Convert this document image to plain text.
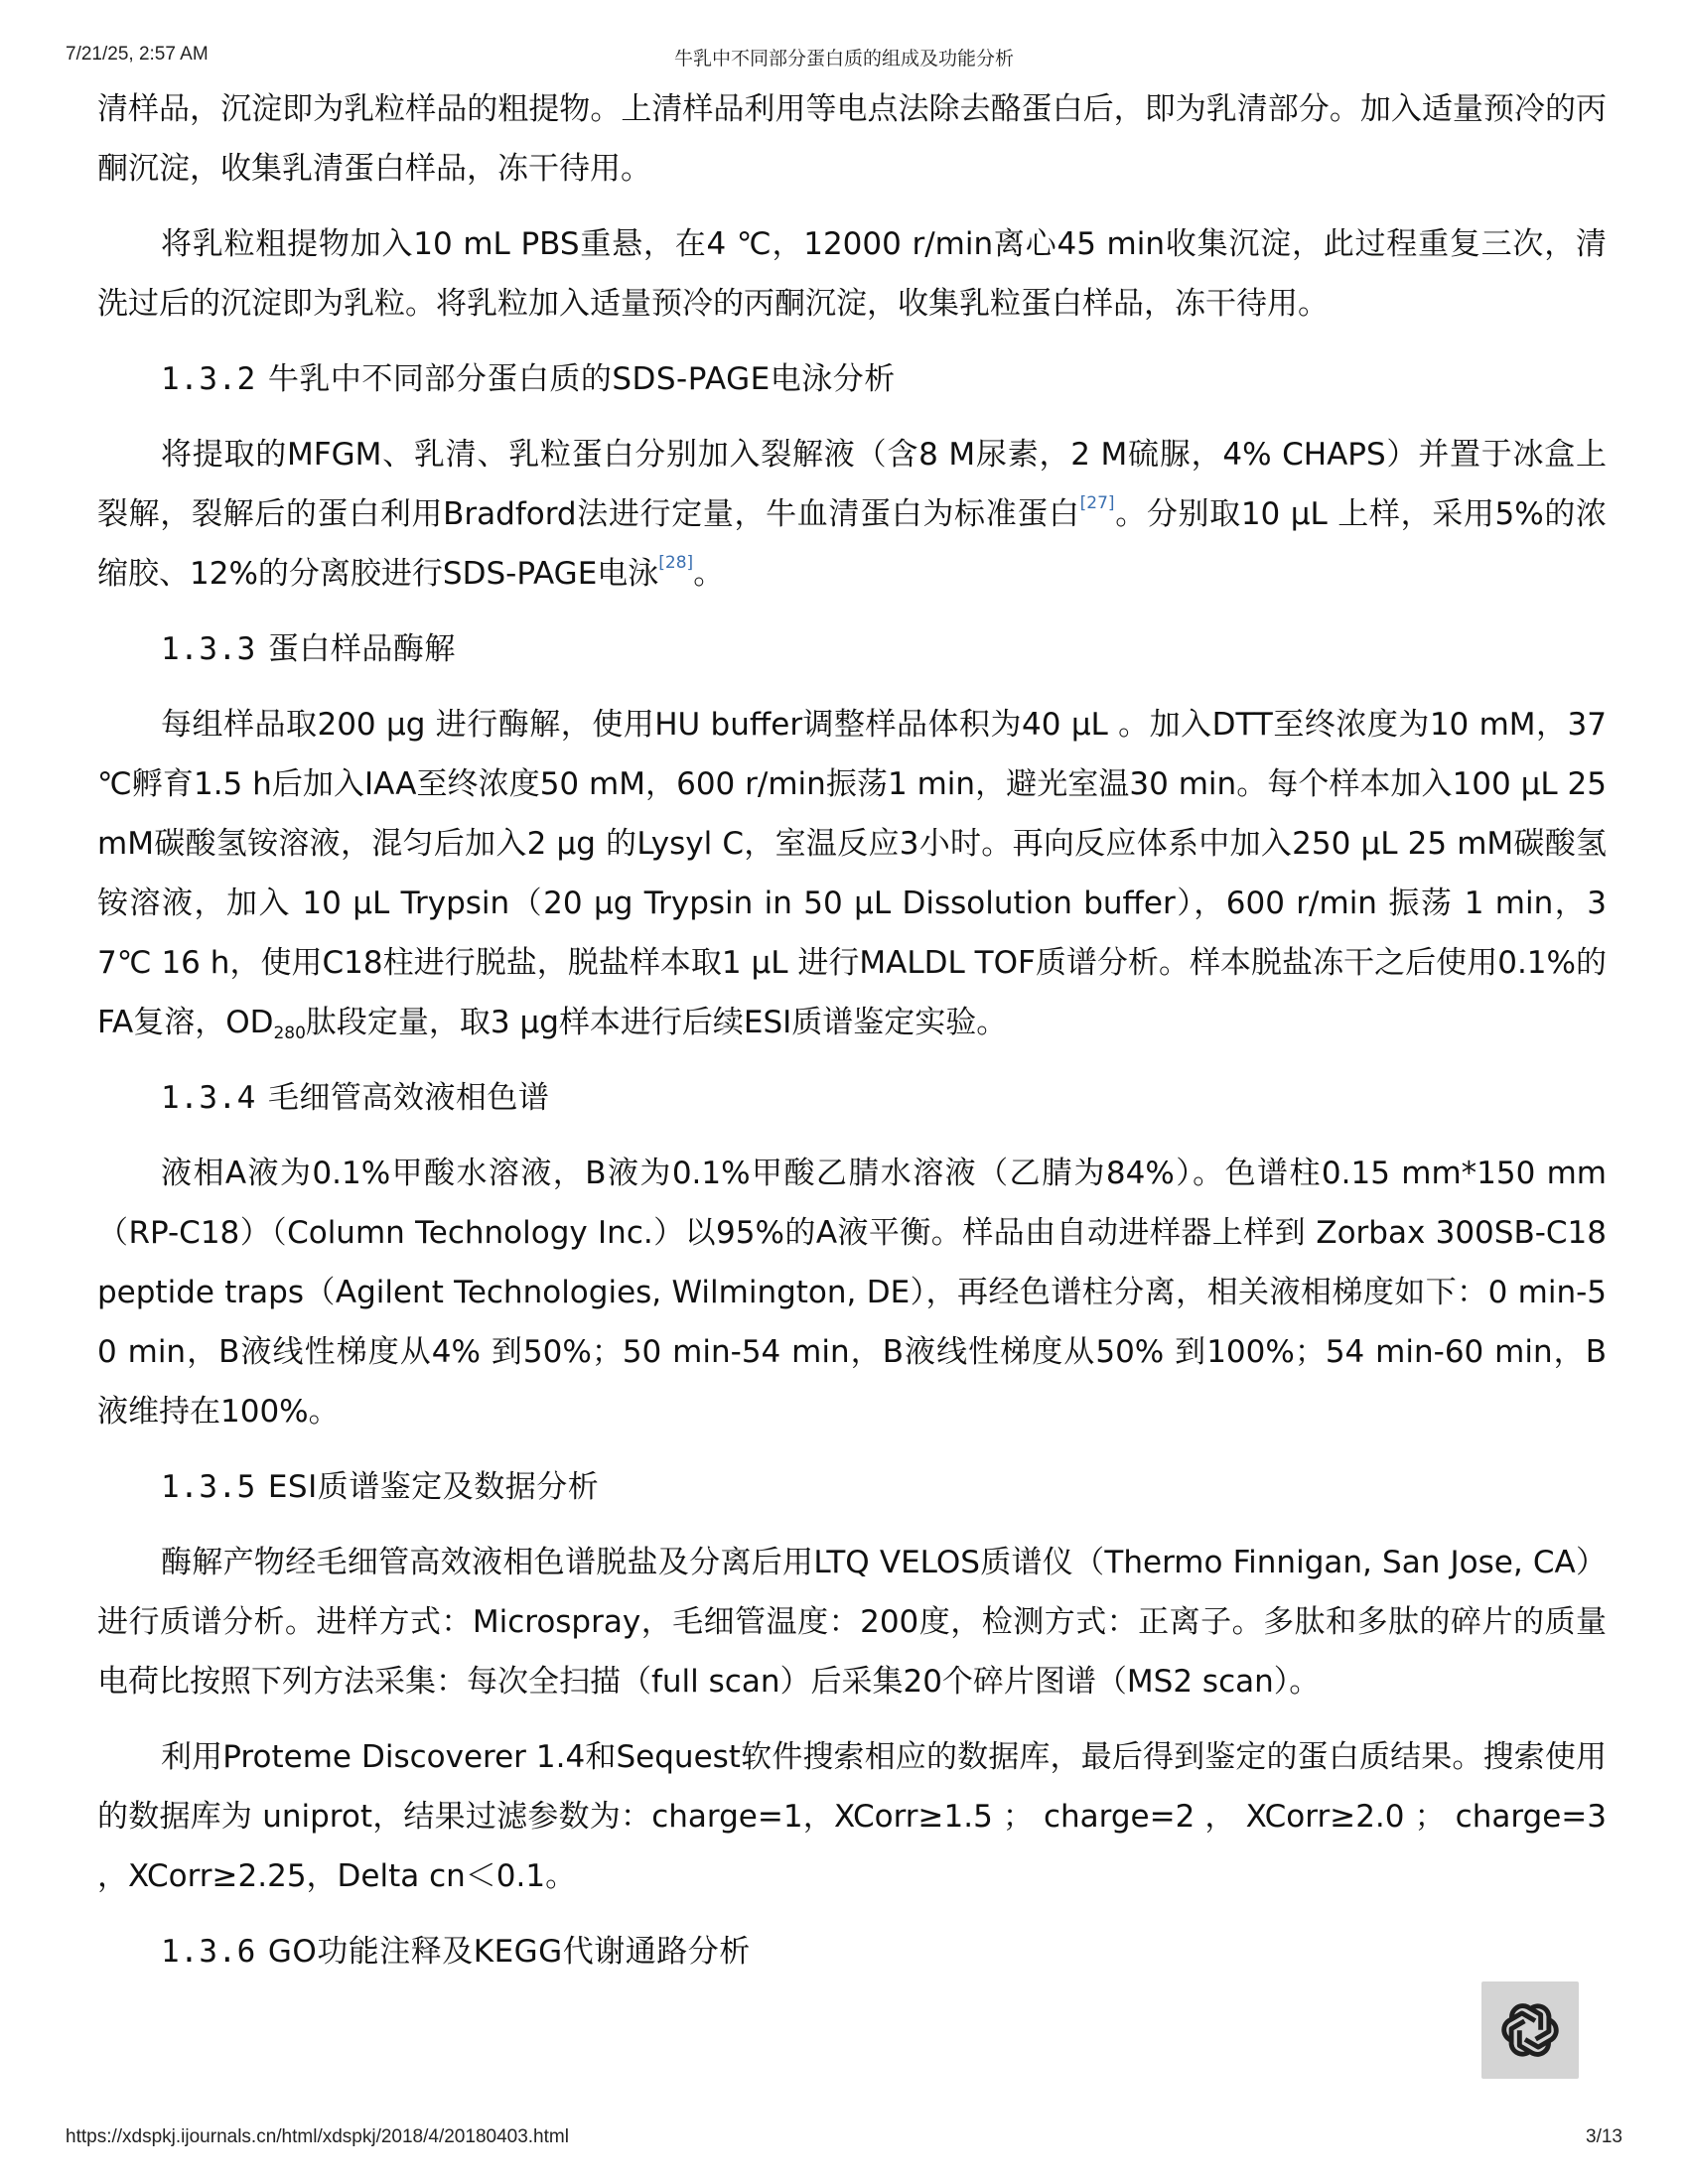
7/21/25, 2:57 AM	牛乳中不同部分蛋白质的组成及功能分析

清样品，沉淀即为乳粒样品的粗提物。上清样品利用等电点法除去酪蛋白后，即为乳清部分。加入适量预冷的丙酮沉淀，收集乳清蛋白样品，冻干待用。

将乳粒粗提物加入10 mL PBS重悬，在4 ℃，12000 r/min离心45 min收集沉淀，此过程重复三次，清洗过后的沉淀即为乳粒。将乳粒加入适量预冷的丙酮沉淀，收集乳粒蛋白样品，冻干待用。

1.3.2 牛乳中不同部分蛋白质的SDS-PAGE电泳分析

将提取的MFGM、乳清、乳粒蛋白分别加入裂解液（含8 M尿素，2 M硫脲，4% CHAPS）并置于冰盒上裂解，裂解后的蛋白利用Bradford法进行定量，牛血清蛋白为标准蛋白[27]。分别取10 μL 上样，采用5%的浓缩胶、12%的分离胶进行SDS-PAGE电泳[28]。

1.3.3 蛋白样品酶解

每组样品取200 μg 进行酶解，使用HU buffer调整样品体积为40 μL 。加入DTT至终浓度为10 mM，37 ℃孵育1.5 h后加入IAA至终浓度50 mM，600 r/min振荡1 min，避光室温30 min。每个样本加入100 μL 25 mM碳酸氢铵溶液，混匀后加入2 μg 的Lysyl C，室温反应3小时。再向反应体系中加入250 μL 25 mM碳酸氢铵溶液，加入 10 μL Trypsin（20 μg Trypsin in 50 μL Dissolution buffer），600 r/min 振荡 1 min，37℃ 16 h，使用C18柱进行脱盐，脱盐样本取1 μL 进行MALDL TOF质谱分析。样本脱盐冻干之后使用0.1%的FA复溶，$OD_{280}$肽段定量，取3 μg样本进行后续ESI质谱鉴定实验。

1.3.4 毛细管高效液相色谱

液相A液为0.1%甲酸水溶液，B液为0.1%甲酸乙腈水溶液（乙腈为84%）。色谱柱0.15 mm*150 mm（RP-C18）（Column Technology Inc.）以95%的A液平衡。样品由自动进样器上样到 Zorbax 300SB-C18 peptide traps（Agilent Technologies, Wilmington, DE），再经色谱柱分离，相关液相梯度如下：0 min-50 min，B液线性梯度从4% 到50%；50 min-54 min，B液线性梯度从50% 到100%；54 min-60 min，B液维持在100%。

1.3.5 ESI质谱鉴定及数据分析

酶解产物经毛细管高效液相色谱脱盐及分离后用LTQ VELOS质谱仪（Thermo Finnigan, San Jose, CA）进行质谱分析。进样方式：Microspray，毛细管温度：200度，检测方式：正离子。多肽和多肽的碎片的质量电荷比按照下列方法采集：每次全扫描（full scan）后采集20个碎片图谱（MS2 scan）。

利用Proteme Discoverer 1.4和Sequest软件搜索相应的数据库，最后得到鉴定的蛋白质结果。搜索使用的数据库为 uniprot，结果过滤参数为：charge=1，XCorr≥1.5 ； charge=2 ， XCorr≥2.0 ； charge=3 ，XCorr≥2.25，Delta cn＜0.1。

1.3.6 GO功能注释及KEGG代谢通路分析
https://xdspkj.ijournals.cn/html/xdspkj/2018/4/20180403.html	3/13
